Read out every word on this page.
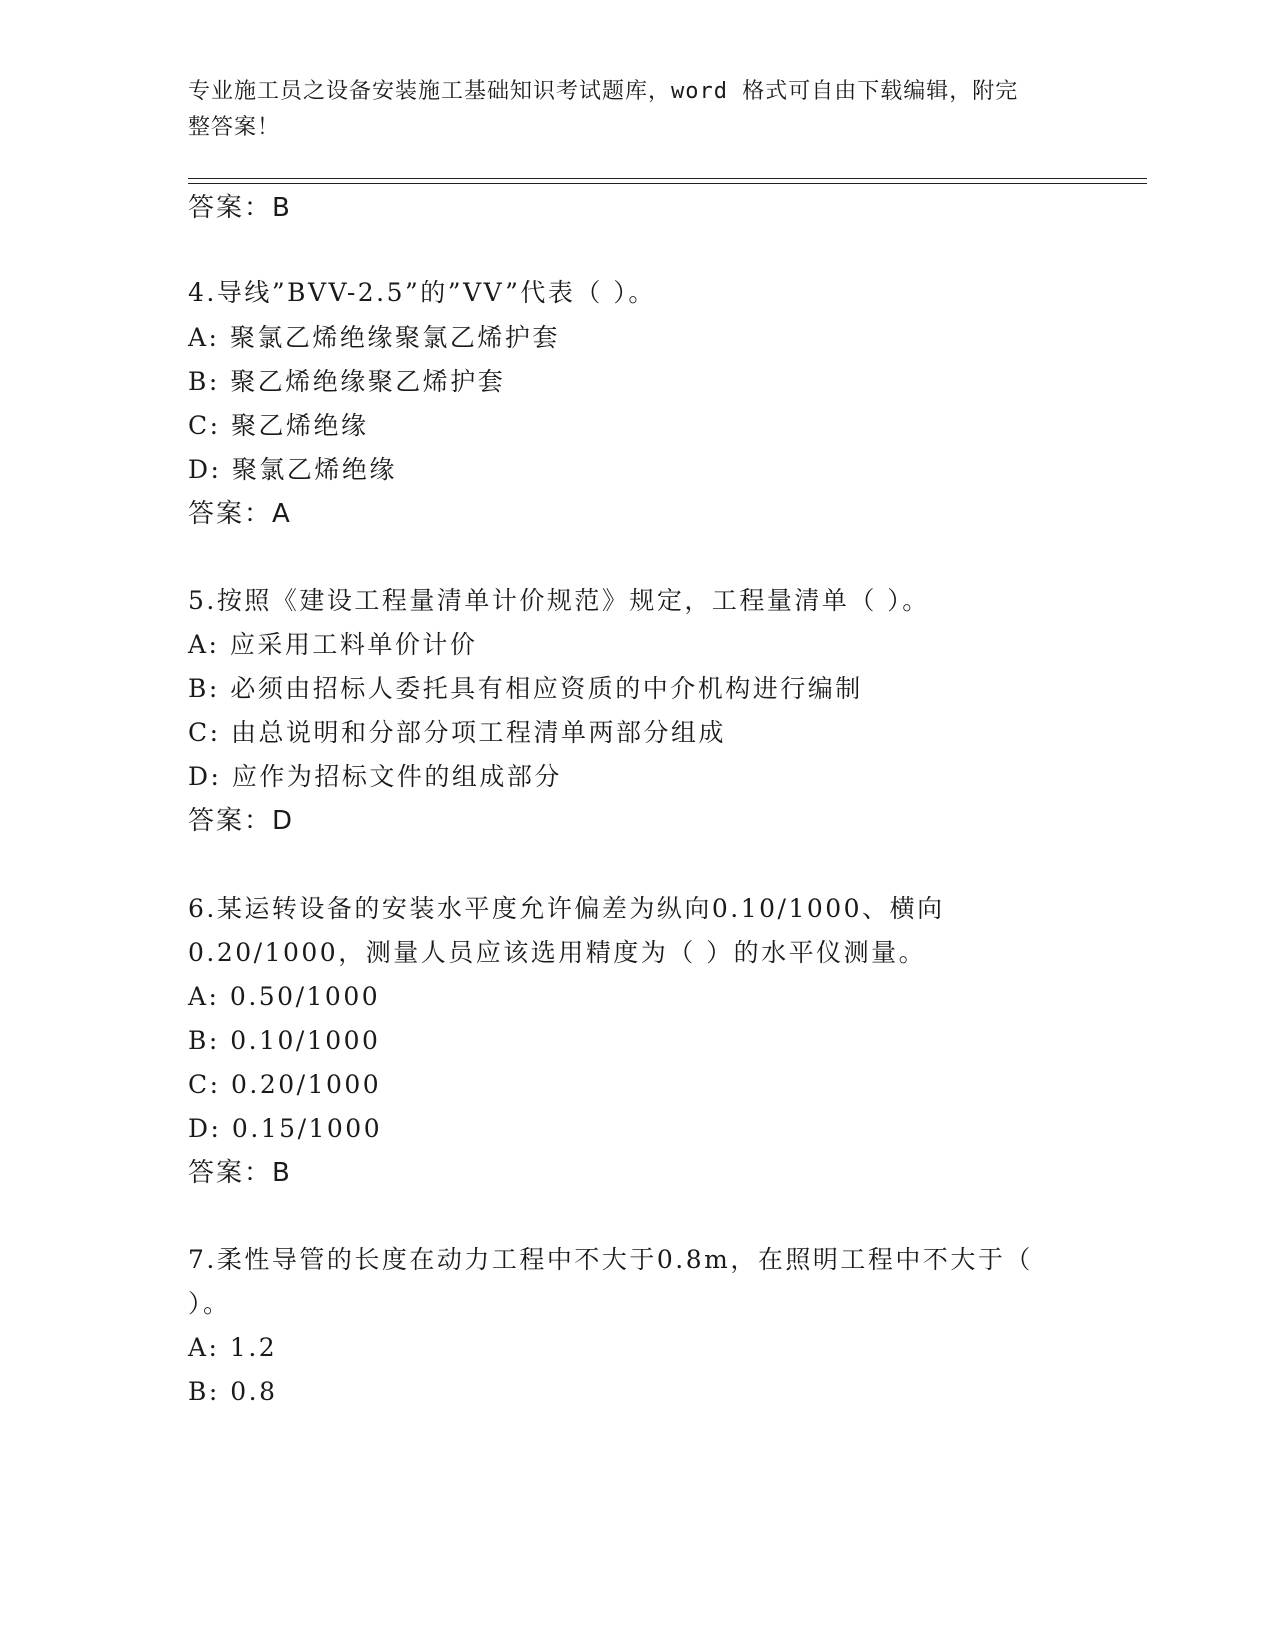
专业施工员之设备安装施工基础知识考试题库，word 格式可自由下载编辑，附完
整答案！
答案：B
4.导线”BVV-2.5”的”VV”代表（ ）。
A: 聚氯乙烯绝缘聚氯乙烯护套
B: 聚乙烯绝缘聚乙烯护套
C: 聚乙烯绝缘
D: 聚氯乙烯绝缘
答案：A
5.按照《建设工程量清单计价规范》规定，工程量清单（ ）。
A: 应采用工料单价计价
B: 必须由招标人委托具有相应资质的中介机构进行编制
C: 由总说明和分部分项工程清单两部分组成
D: 应作为招标文件的组成部分
答案：D
6.某运转设备的安装水平度允许偏差为纵向0.10/1000、横向
0.20/1000，测量人员应该选用精度为（ ）的水平仪测量。
A: 0.50/1000
B: 0.10/1000
C: 0.20/1000
D: 0.15/1000
答案：B
7.柔性导管的长度在动力工程中不大于0.8m，在照明工程中不大于（
）。
A: 1.2
B: 0.8
